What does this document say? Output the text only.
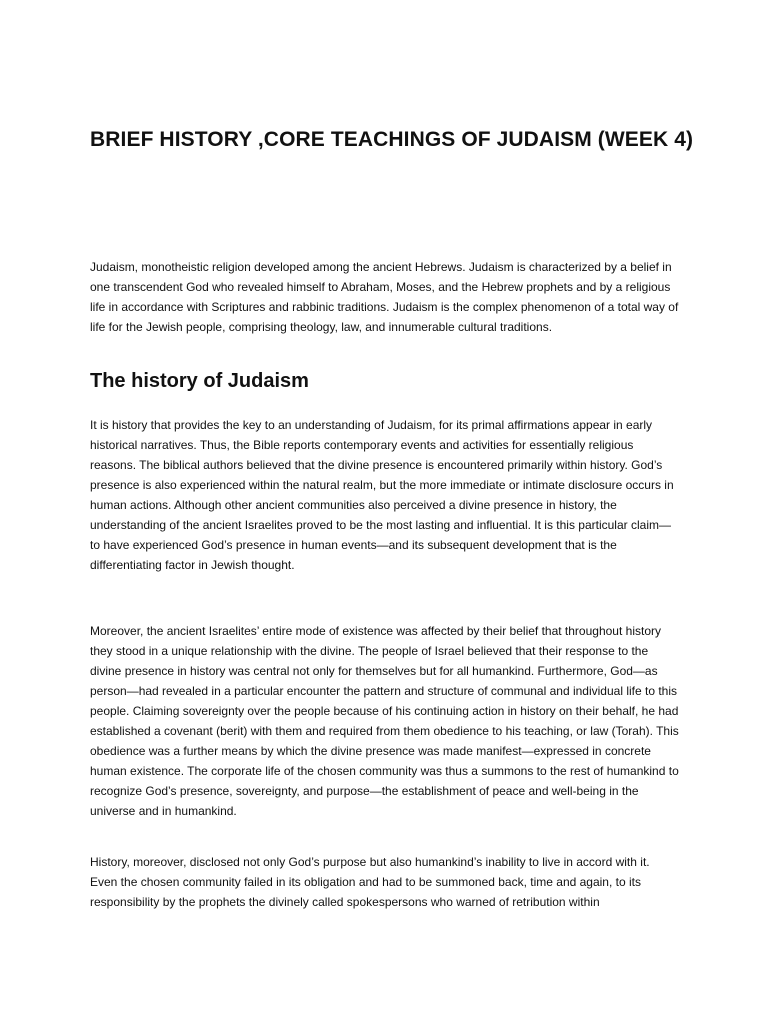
BRIEF HISTORY ,CORE TEACHINGS OF JUDAISM (WEEK 4)

Judaism, monotheistic religion developed among the ancient Hebrews. Judaism is characterized by a belief in one transcendent God who revealed himself to Abraham, Moses, and the Hebrew prophets and by a religious life in accordance with Scriptures and rabbinic traditions. Judaism is the complex phenomenon of a total way of life for the Jewish people, comprising theology, law, and innumerable cultural traditions.

The history of Judaism

It is history that provides the key to an understanding of Judaism, for its primal affirmations appear in early historical narratives. Thus, the Bible reports contemporary events and activities for essentially religious reasons. The biblical authors believed that the divine presence is encountered primarily within history. God’s presence is also experienced within the natural realm, but the more immediate or intimate disclosure occurs in human actions. Although other ancient communities also perceived a divine presence in history, the understanding of the ancient Israelites proved to be the most lasting and influential. It is this particular claim—to have experienced God’s presence in human events—and its subsequent development that is the differentiating factor in Jewish thought.

Moreover, the ancient Israelites’ entire mode of existence was affected by their belief that throughout history they stood in a unique relationship with the divine. The people of Israel believed that their response to the divine presence in history was central not only for themselves but for all humankind. Furthermore, God—as person—had revealed in a particular encounter the pattern and structure of communal and individual life to this people. Claiming sovereignty over the people because of his continuing action in history on their behalf, he had established a covenant (berit) with them and required from them obedience to his teaching, or law (Torah). This obedience was a further means by which the divine presence was made manifest—expressed in concrete human existence. The corporate life of the chosen community was thus a summons to the rest of humankind to recognize God’s presence, sovereignty, and purpose—the establishment of peace and well-being in the universe and in humankind.

History, moreover, disclosed not only God’s purpose but also humankind’s inability to live in accord with it. Even the chosen community failed in its obligation and had to be summoned back, time and again, to its responsibility by the prophets the divinely called spokespersons who warned of retribution within
